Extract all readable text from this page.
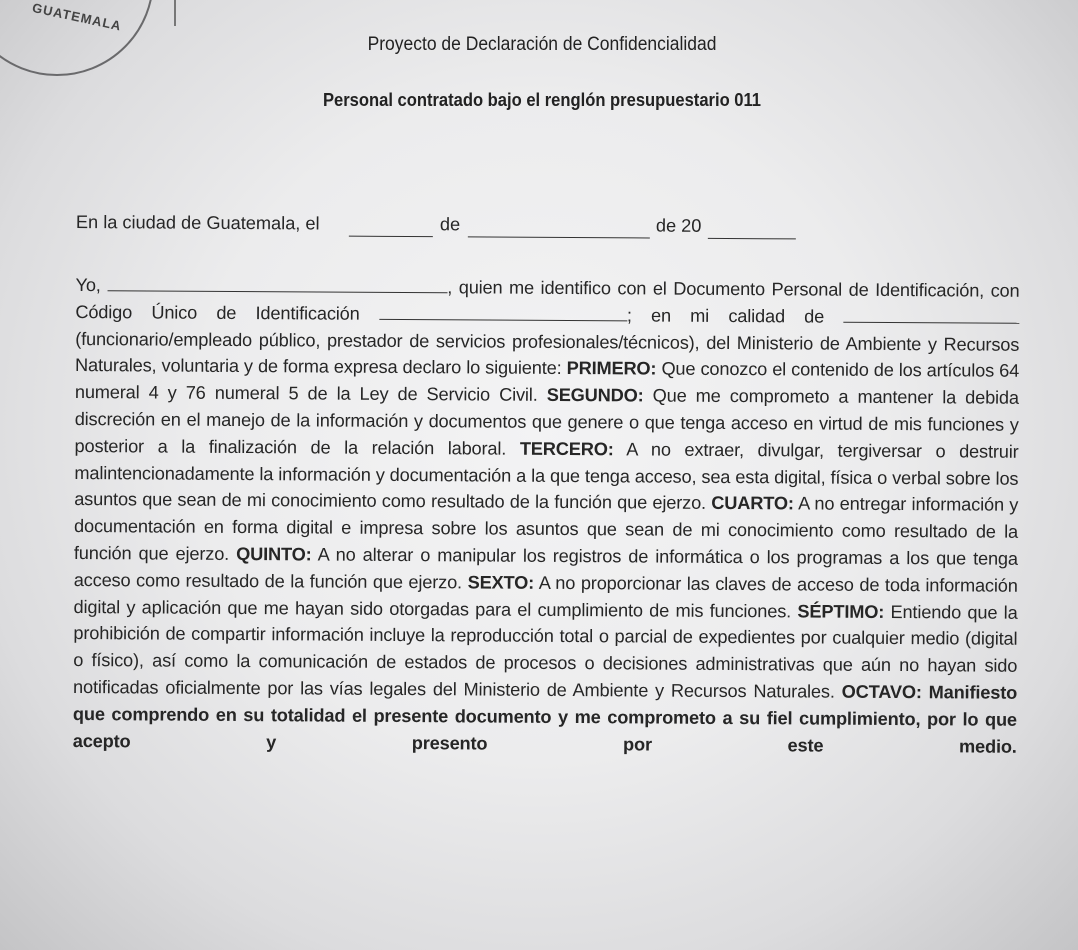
GUATEMALA
Proyecto de Declaración de Confidencialidad
Personal contratado bajo el renglón presupuestario 011
En la ciudad de Guatemala, el	de	de 20
Yo,	, quien me identifico con el Documento Personal de Identificación, con Código Único de Identificación	; en mi calidad de  (funcionario/empleado público, prestador de servicios profesionales/técnicos), del Ministerio de Ambiente y Recursos Naturales, voluntaria y de forma expresa declaro lo siguiente: PRIMERO: Que conozco el contenido de los artículos 64 numeral 4 y 76 numeral 5 de la Ley de Servicio Civil. SEGUNDO: Que me comprometo a mantener la debida discreción en el manejo de la información y documentos que genere o que tenga acceso en virtud de mis funciones y posterior a la finalización de la relación laboral. TERCERO: A no extraer, divulgar, tergiversar o destruir malintencionadamente la información y documentación a la que tenga acceso, sea esta digital, física o verbal sobre los asuntos que sean de mi conocimiento como resultado de la función que ejerzo. CUARTO: A no entregar información y documentación en forma digital e impresa sobre los asuntos que sean de mi conocimiento como resultado de la función que ejerzo. QUINTO: A no alterar o manipular los registros de informática o los programas a los que tenga acceso como resultado de la función que ejerzo. SEXTO: A no proporcionar las claves de acceso de toda información digital y aplicación que me hayan sido otorgadas para el cumplimiento de mis funciones. SÉPTIMO: Entiendo que la prohibición de compartir información incluye la reproducción total o parcial de expedientes por cualquier medio (digital o físico), así como la comunicación de estados de procesos o decisiones administrativas que aún no hayan sido notificadas oficialmente por las vías legales del Ministerio de Ambiente y Recursos Naturales. OCTAVO: Manifiesto que comprendo en su totalidad el presente documento y me comprometo a su fiel cumplimiento, por lo que acepto y presento por este medio.
